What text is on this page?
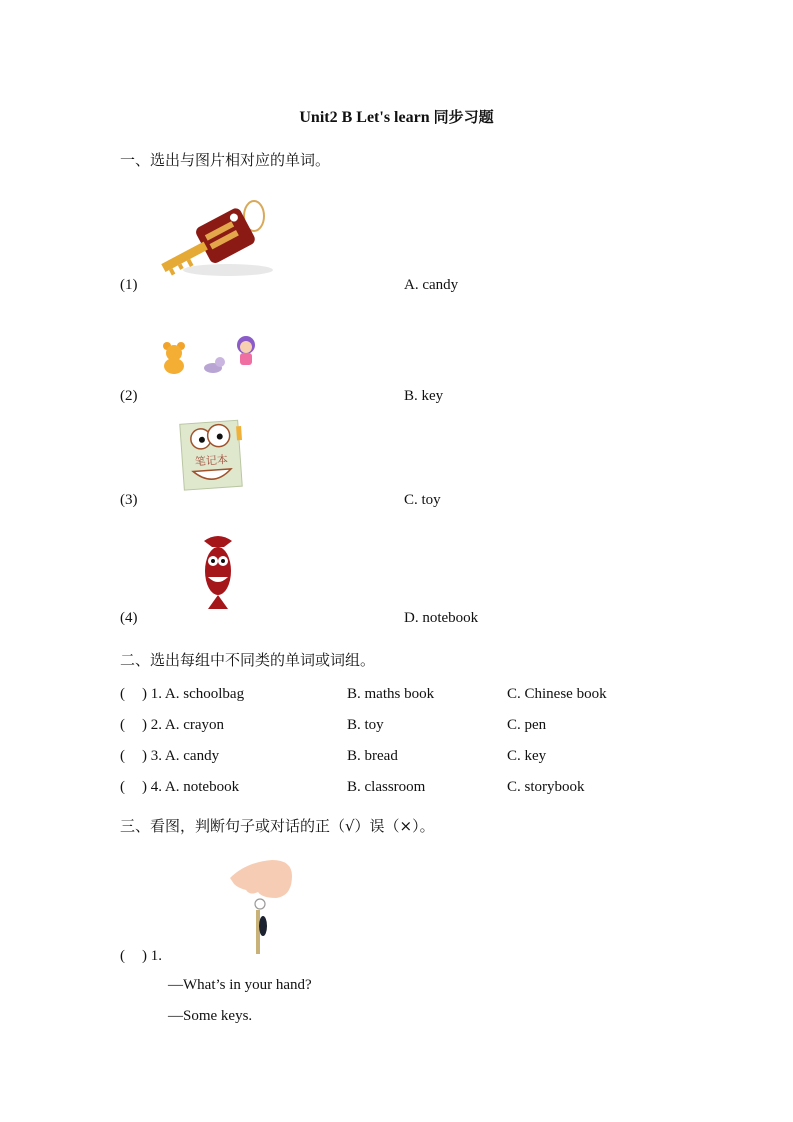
Unit2 B Let's learn 同步习题
一、选出与图片相对应的单词。
(1)	A. candy
(2)	B. key
笔记本
(3)	C. toy
(4)	D. notebook
二、选出每组中不同类的单词或词组。
( ) 1. A. schoolbag	B. maths book	C. Chinese book
( ) 2. A. crayon	B. toy	C. pen
( ) 3. A. candy	B. bread	C. key
( ) 4. A. notebook	B. classroom	C. storybook
三、看图，判断句子或对话的正（√）误（×）。
( ) 1.
—What’s in your hand?
—Some keys.
